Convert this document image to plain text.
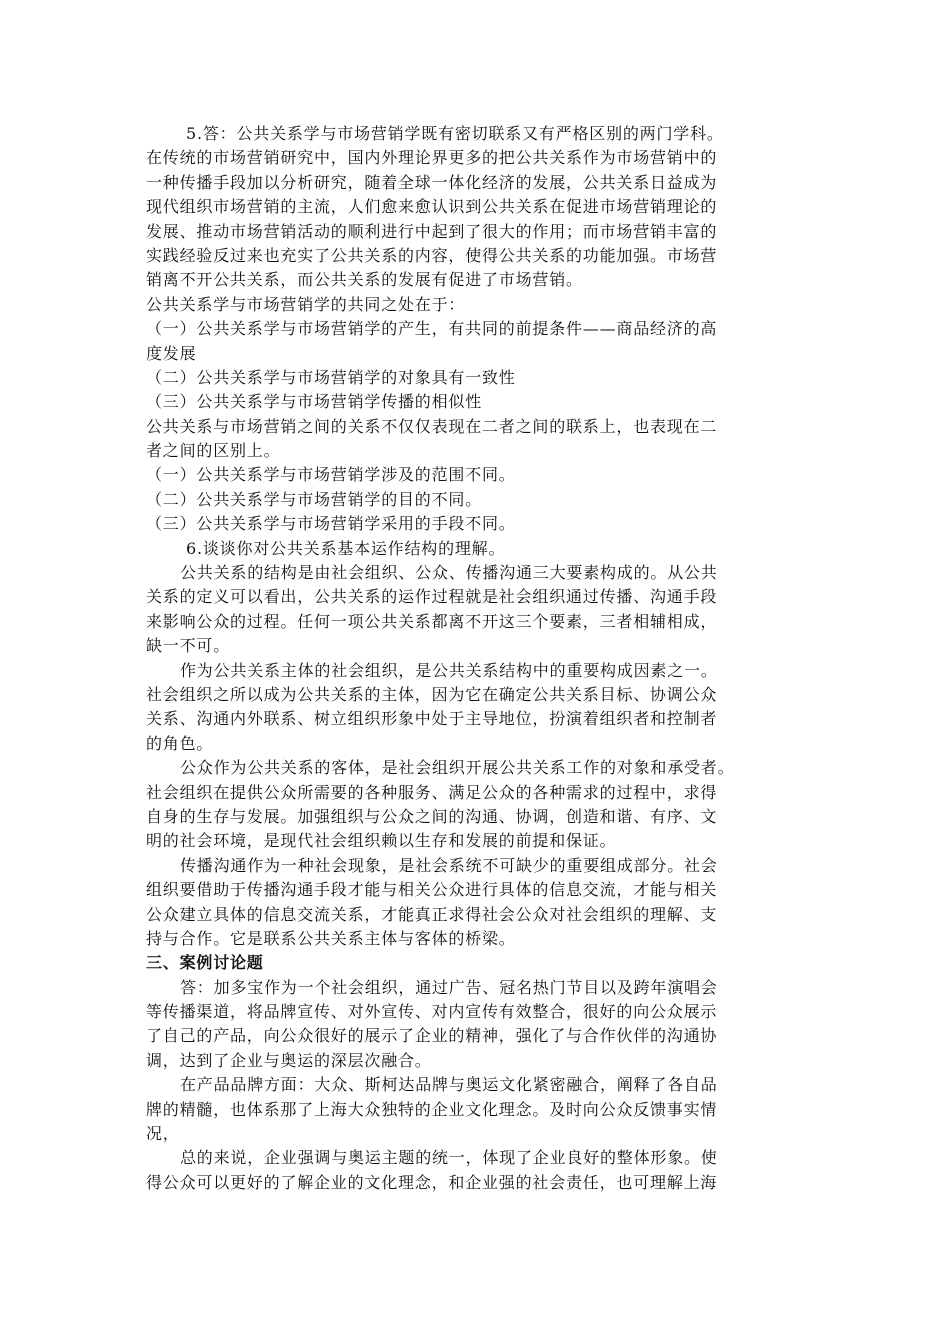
5.答：公共关系学与市场营销学既有密切联系又有严格区别的两门学科。
在传统的市场营销研究中，国内外理论界更多的把公共关系作为市场营销中的
一种传播手段加以分析研究，随着全球一体化经济的发展，公共关系日益成为
现代组织市场营销的主流，人们愈来愈认识到公共关系在促进市场营销理论的
发展、推动市场营销活动的顺利进行中起到了很大的作用；而市场营销丰富的
实践经验反过来也充实了公共关系的内容，使得公共关系的功能加强。市场营
销离不开公共关系，而公共关系的发展有促进了市场营销。
公共关系学与市场营销学的共同之处在于：
（一）公共关系学与市场营销学的产生，有共同的前提条件——商品经济的高
度发展
（二）公共关系学与市场营销学的对象具有一致性
（三）公共关系学与市场营销学传播的相似性
公共关系与市场营销之间的关系不仅仅表现在二者之间的联系上，也表现在二
者之间的区别上。
（一）公共关系学与市场营销学涉及的范围不同。
（二）公共关系学与市场营销学的目的不同。
（三）公共关系学与市场营销学采用的手段不同。
6.谈谈你对公共关系基本运作结构的理解。
公共关系的结构是由社会组织、公众、传播沟通三大要素构成的。从公共
关系的定义可以看出，公共关系的运作过程就是社会组织通过传播、沟通手段
来影响公众的过程。任何一项公共关系都离不开这三个要素，三者相辅相成，
缺一不可。
作为公共关系主体的社会组织，是公共关系结构中的重要构成因素之一。
社会组织之所以成为公共关系的主体，因为它在确定公共关系目标、协调公众
关系、沟通内外联系、树立组织形象中处于主导地位，扮演着组织者和控制者
的角色。
公众作为公共关系的客体，是社会组织开展公共关系工作的对象和承受者。
社会组织在提供公众所需要的各种服务、满足公众的各种需求的过程中，求得
自身的生存与发展。加强组织与公众之间的沟通、协调，创造和谐、有序、文
明的社会环境，是现代社会组织赖以生存和发展的前提和保证。
传播沟通作为一种社会现象，是社会系统不可缺少的重要组成部分。社会
组织要借助于传播沟通手段才能与相关公众进行具体的信息交流，才能与相关
公众建立具体的信息交流关系，才能真正求得社会公众对社会组织的理解、支
持与合作。它是联系公共关系主体与客体的桥梁。
三、案例讨论题
答：加多宝作为一个社会组织，通过广告、冠名热门节目以及跨年演唱会
等传播渠道，将品牌宣传、对外宣传、对内宣传有效整合，很好的向公众展示
了自己的产品，向公众很好的展示了企业的精神，强化了与合作伙伴的沟通协
调，达到了企业与奥运的深层次融合。
在产品品牌方面：大众、斯柯达品牌与奥运文化紧密融合，阐释了各自品
牌的精髓，也体系那了上海大众独特的企业文化理念。及时向公众反馈事实情
况，
总的来说，企业强调与奥运主题的统一，体现了企业良好的整体形象。使
得公众可以更好的了解企业的文化理念，和企业强的社会责任，也可理解上海
